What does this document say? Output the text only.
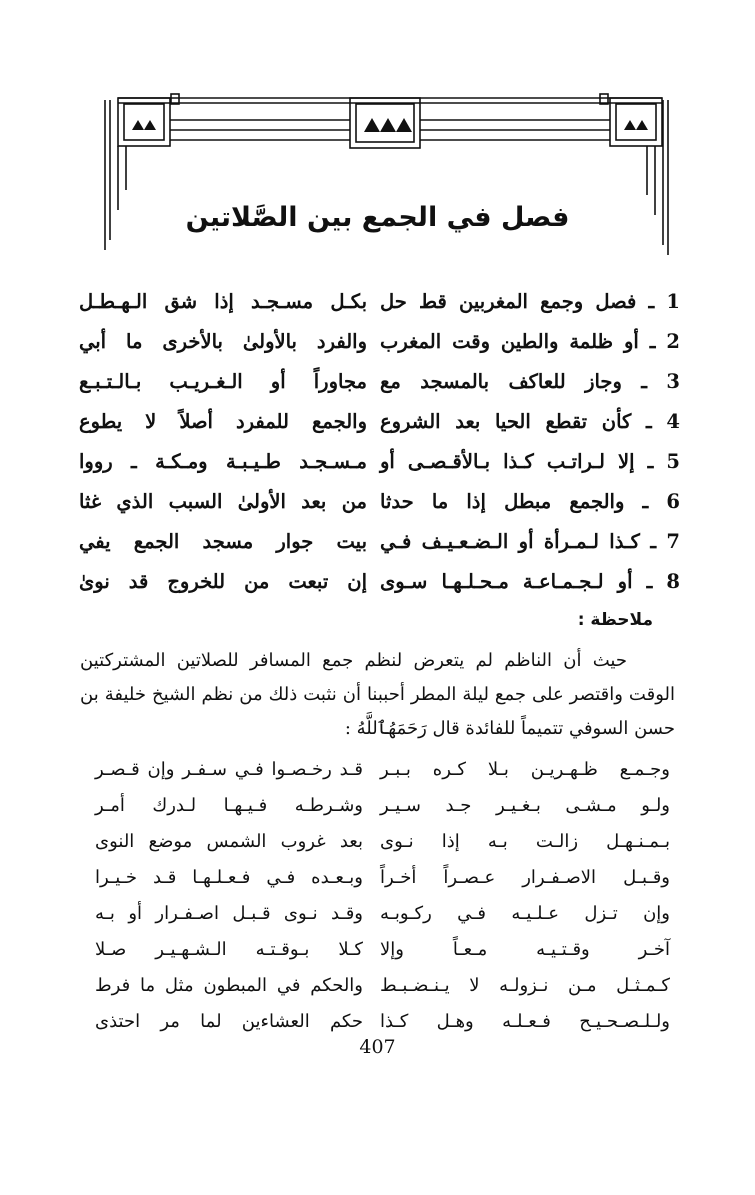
فصل في الجمع بين الصَّلاتين
1 ـ فصل وجمع المغربين قط حل
بكـل مسـجـد إذا شق الـهـطـل
2 ـ أو ظلمة والطين وقت المغرب
والفرد بالأولىٰ بالأخرى ما أبي
3 ـ وجاز للعاكف بالمسجد مع
مجاوراً أو الـغـريـب بـالـتـبـع
4 ـ كأن تقطع الحيا بعد الشروع
والجمع للمفرد أصلاً لا يطوع
5 ـ إلا لـراتـب كـذا بـالأقـصـى أو
مـسـجـد طـيـبـة ومـكـة ـ رووا
6 ـ والجمع مبطل إذا ما حدثا
من بعد الأولىٰ السبب الذي غثا
7 ـ كـذا لـمـرأة أو الـضـعـيـف فـي
بيت جوار مسجد الجمع يفي
8 ـ أو لـجـمـاعـة مـحـلـهـا سـوى
إن تبعت من للخروج قد نوىٰ
ملاحظة :

حيث أن الناظم لم يتعرض لنظم جمع المسافر للصلاتين المشتركتين الوقت واقتصر على جمع ليلة المطر أحببنا أن نثبت ذلك من نظم الشيخ خليفة بن حسن السوفي تتميماً للفائدة قال رَحَمَهُٱللَّهُ :

وجـمـع ظـهـريـن بـلا كـره بـبـر
قـد رخـصـوا فـي سـفـر وإن قـصـر
ولـو مـشـى بـغـيـر جـد سـيـر
وشـرطـه فـيـهـا لـدرك أمـر
بـمـنـهـل زالـت بـه إذا نـوى
بعد غروب الشمس موضع النوى
وقـبـل الاصـفـرار عـصـراً أخـراً
وبـعـده فـي فـعـلـهـا قـد خـيـرا
وإن تـزل عـلـيـه فـي ركـوبـه
وقـد نـوى قـبـل اصـفـرار أو بـه
آخـر وقـتـيـه مـعـاً وإلا
كـلا بـوقـتـه الـشـهـيـر صـلا
كـمـثـل مـن نـزولـه لا يـنـضـبـط
والحكم في المبطون مثل ما فرط
ولـلـصـحـيـح فـعـلـه وهـل كـذا
حكم العشاءين لما مر احتذى
407
